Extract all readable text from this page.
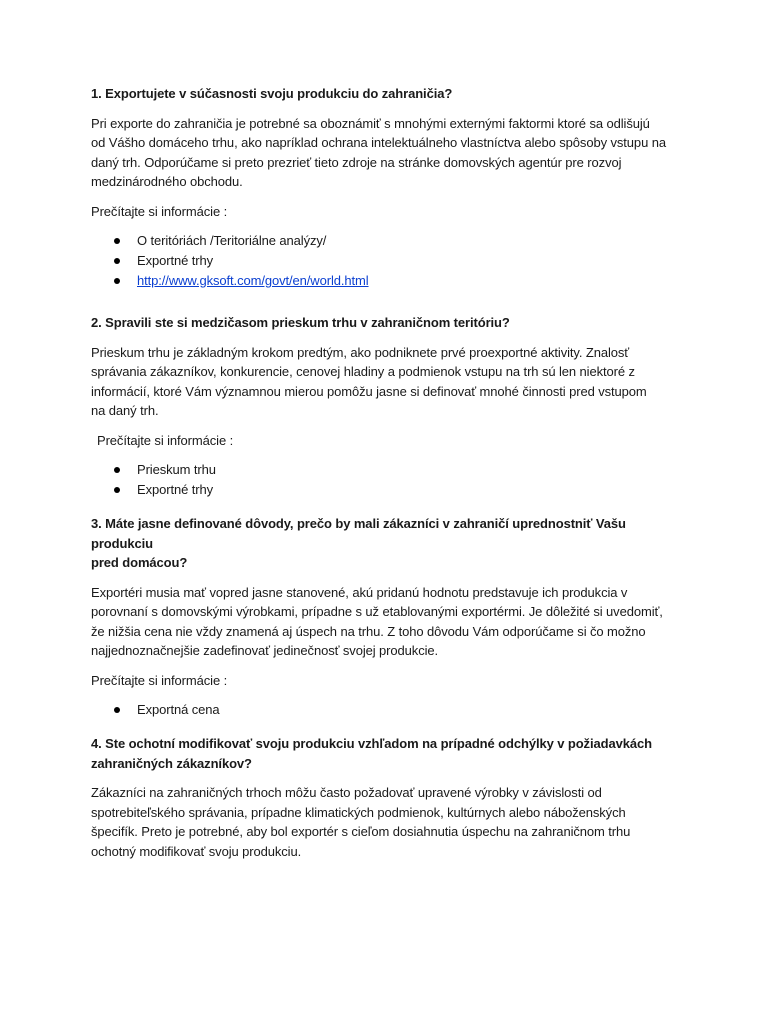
1. Exportujete v súčasnosti svoju produkciu do zahraničia?
Pri exporte do zahraničia je potrebné sa oboznámiť s mnohými externými faktormi ktoré sa odlišujú
od Vášho domáceho trhu, ako napríklad ochrana intelektuálneho vlastníctva alebo spôsoby vstupu na
daný trh. Odporúčame si preto prezrieť tieto zdroje na stránke domovských agentúr pre rozvoj
medzinárodného obchodu.
Prečítajte si informácie :
O teritóriách /Teritoriálne analýzy/
Exportné trhy
http://www.gksoft.com/govt/en/world.html
2. Spravili ste si medzičasom prieskum trhu v zahraničnom teritóriu?
Prieskum trhu je základným krokom predtým, ako podniknete prvé proexportné aktivity. Znalosť
správania zákazníkov, konkurencie, cenovej hladiny a podmienok vstupu na trh sú len niektoré z
informácií, ktoré Vám významnou mierou pomôžu jasne si definovať mnohé činnosti pred vstupom
na daný trh.
Prečítajte si informácie :
Prieskum trhu
Exportné trhy
3. Máte jasne definované dôvody, prečo by mali zákazníci v zahraničí uprednostniť Vašu produkciu
pred domácou?
Exportéri musia mať vopred jasne stanovené, akú pridanú hodnotu predstavuje ich produkcia v
porovnaní s domovskými výrobkami, prípadne s už etablovanými exportérmi. Je dôležité si uvedomiť,
že nižšia cena nie vždy znamená aj úspech na trhu. Z toho dôvodu Vám odporúčame si čo možno
najjednoznačnejšie zadefinovať jedinečnosť svojej produkcie.
Prečítajte si informácie :
Exportná cena
4. Ste ochotní modifikovať svoju produkciu vzhľadom na prípadné odchýlky v požiadavkách
zahraničných zákazníkov?
Zákazníci na zahraničných trhoch môžu často požadovať upravené výrobky v závislosti od
spotrebiteľského správania, prípadne klimatických podmienok, kultúrnych alebo náboženských
špecifík. Preto je potrebné, aby bol exportér s cieľom dosiahnutia úspechu na zahraničnom trhu
ochotný modifikovať svoju produkciu.
